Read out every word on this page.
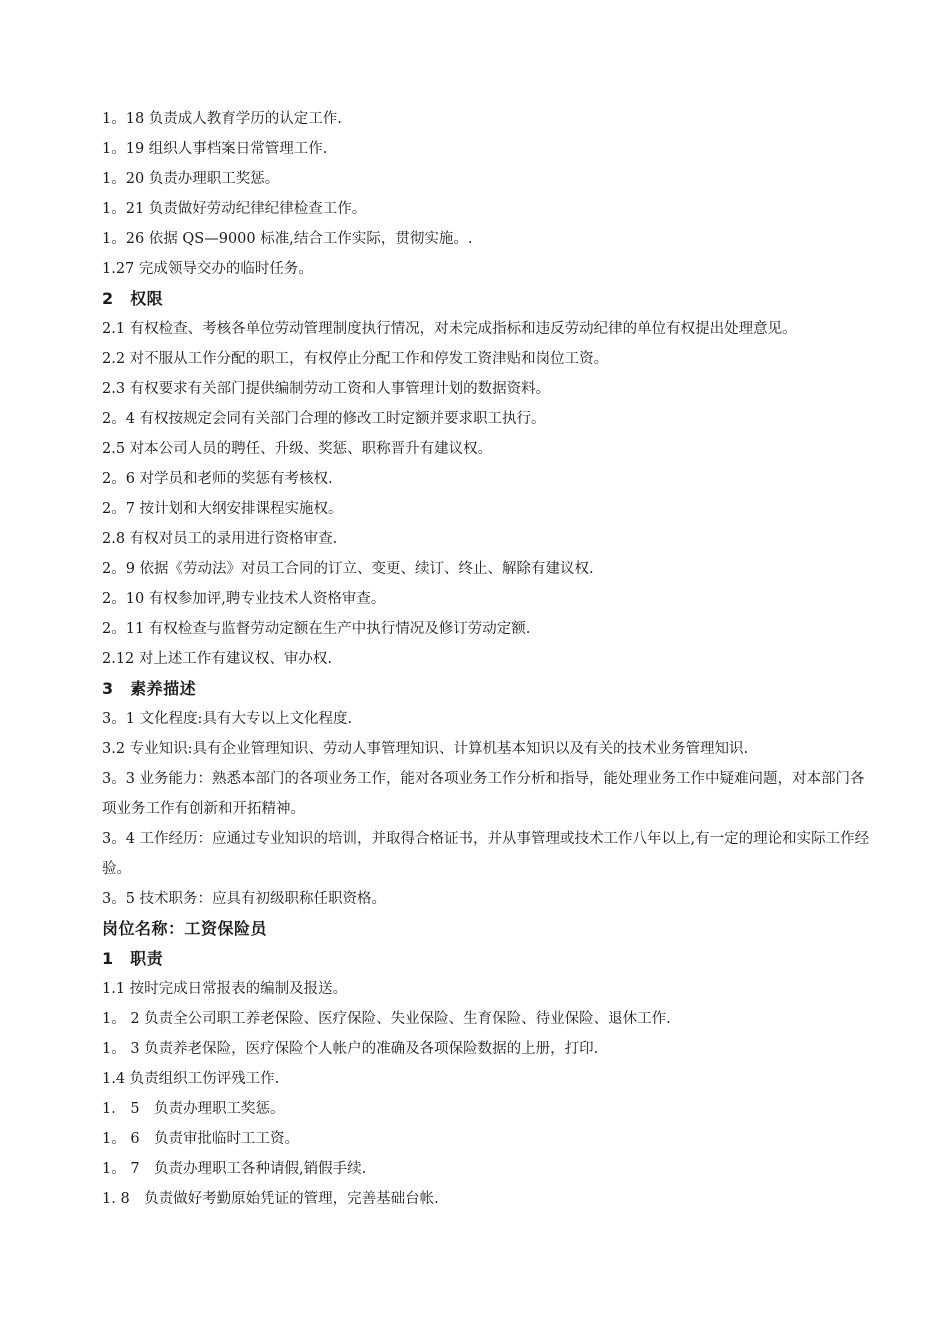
1。18 负责成人教育学历的认定工作.
1。19 组织人事档案日常管理工作.
1。20 负责办理职工奖惩。
1。21 负责做好劳动纪律纪律检查工作。
1。26 依据 QS—9000 标准,结合工作实际，贯彻实施。.
1.27 完成领导交办的临时任务。
2　权限
2.1 有权检查、考核各单位劳动管理制度执行情况，对未完成指标和违反劳动纪律的单位有权提出处理意见。
2.2 对不服从工作分配的职工，有权停止分配工作和停发工资津贴和岗位工资。
2.3 有权要求有关部门提供编制劳动工资和人事管理计划的数据资料。
2。4 有权按规定会同有关部门合理的修改工时定额并要求职工执行。
2.5 对本公司人员的聘任、升级、奖惩、职称晋升有建议权。
2。6 对学员和老师的奖惩有考核权.
2。7 按计划和大纲安排课程实施权。
2.8 有权对员工的录用进行资格审查.
2。9 依据《劳动法》对员工合同的订立、变更、续订、终止、解除有建议权.
2。10 有权参加评,聘专业技术人资格审查。
2。11 有权检查与监督劳动定额在生产中执行情况及修订劳动定额.
2.12 对上述工作有建议权、审办权.
3　素养描述
3。1 文化程度:具有大专以上文化程度.
3.2 专业知识:具有企业管理知识、劳动人事管理知识、计算机基本知识以及有关的技术业务管理知识.
3。3 业务能力：熟悉本部门的各项业务工作，能对各项业务工作分析和指导，能处理业务工作中疑难问题，对本部门各项业务工作有创新和开拓精神。
3。4 工作经历：应通过专业知识的培训，并取得合格证书，并从事管理或技术工作八年以上,有一定的理论和实际工作经验。
3。5 技术职务：应具有初级职称任职资格。
岗位名称：工资保险员
1　职责
1.1 按时完成日常报表的编制及报送。
1。 2 负责全公司职工养老保险、医疗保险、失业保险、生育保险、待业保险、退休工作.
1。 3 负责养老保险，医疗保险个人帐户的准确及各项保险数据的上册，打印.
1.4 负责组织工伤评残工作.
1． 5　负责办理职工奖惩。
1。 6　负责审批临时工工资。
1。 7　负责办理职工各种请假,销假手续.
1. 8　负责做好考勤原始凭证的管理，完善基础台帐.
